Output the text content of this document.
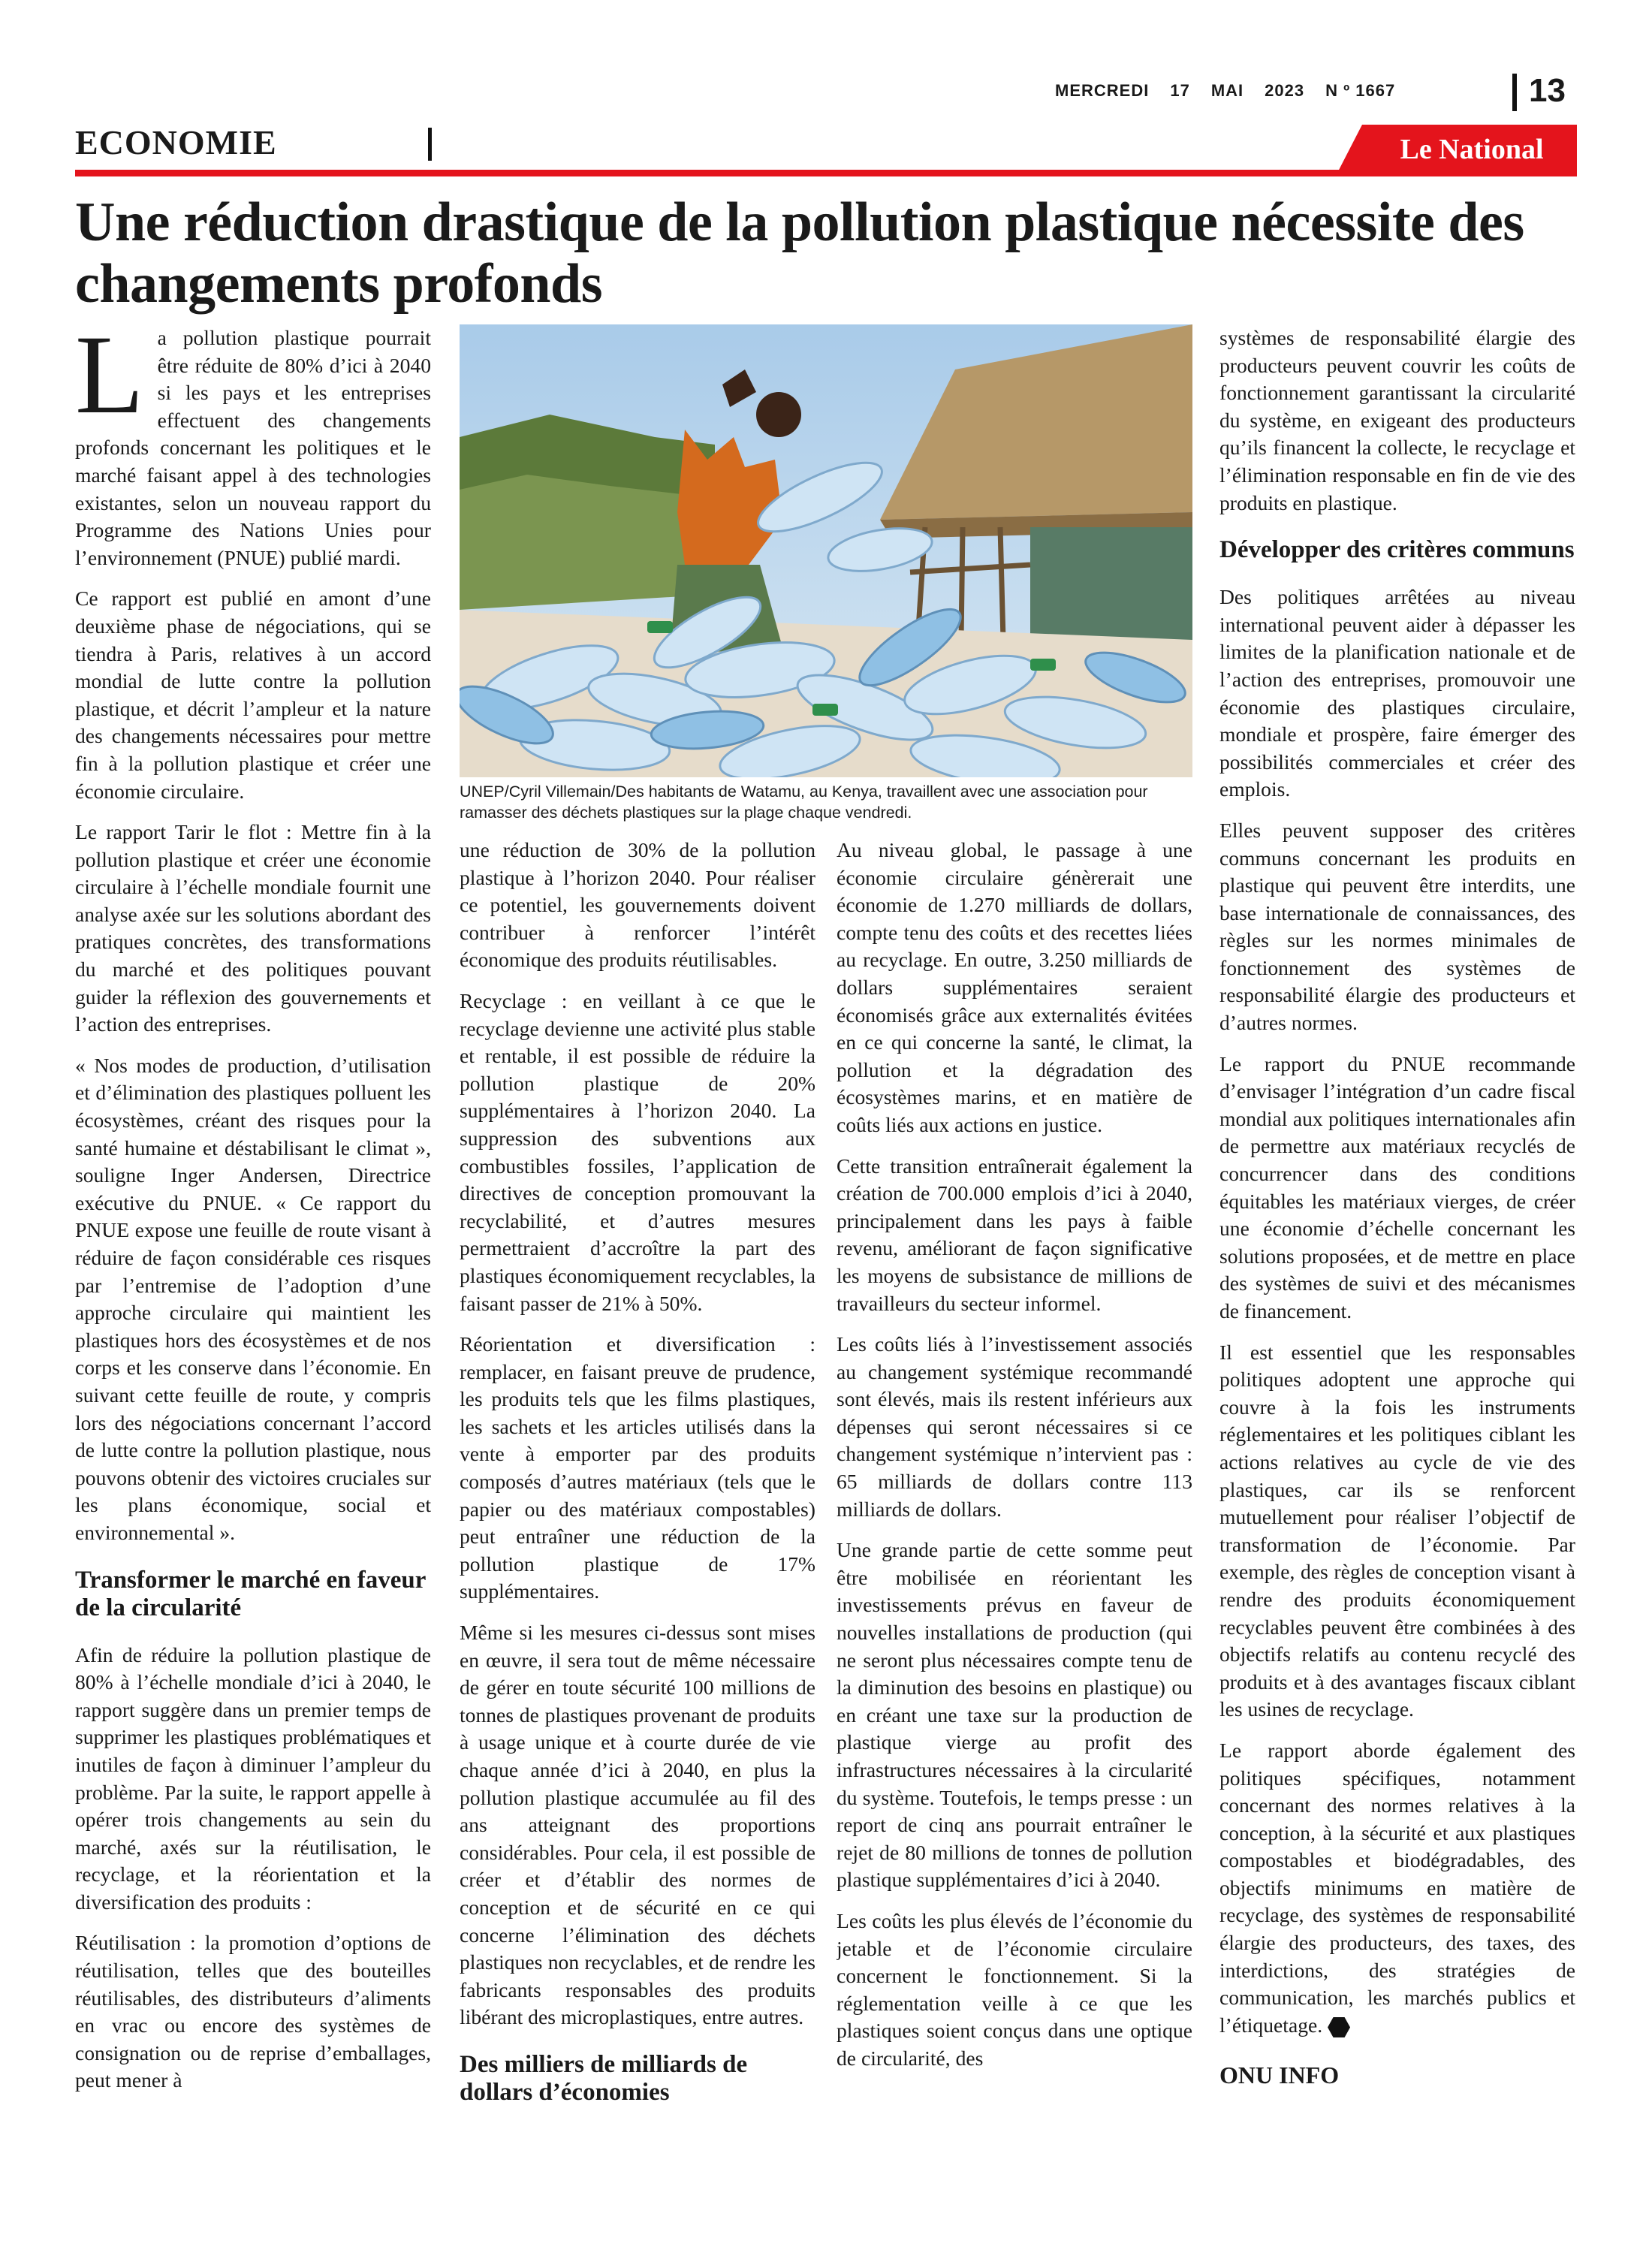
MERCREDI 17 MAI 2023 N º 1667	13
ECONOMIE	Le National
Une réduction drastique de la pollution plastique nécessite des changements profonds

La pollution plastique pourrait être réduite de 80% d’ici à 2040 si les pays et les entreprises effectuent des changements profonds concernant les politiques et le marché faisant appel à des technologies existantes, selon un nouveau rapport du Programme des Nations Unies pour l’environnement (PNUE) publié mardi.

Ce rapport est publié en amont d’une deuxième phase de négociations, qui se tiendra à Paris, relatives à un accord mondial de lutte contre la pollution plastique, et décrit l’ampleur et la nature des changements nécessaires pour mettre fin à la pollution plastique et créer une économie circulaire.

Le rapport Tarir le flot : Mettre fin à la pollution plastique et créer une économie circulaire à l’échelle mondiale fournit une analyse axée sur les solutions abordant des pratiques concrètes, des transformations du marché et des politiques pouvant guider la réflexion des gouvernements et l’action des entreprises.

« Nos modes de production, d’utilisation et d’élimination des plastiques polluent les écosystèmes, créant des risques pour la santé humaine et déstabilisant le climat », souligne Inger Andersen, Directrice exécutive du PNUE. « Ce rapport du PNUE expose une feuille de route visant à réduire de façon considérable ces risques par l’entremise de l’adoption d’une approche circulaire qui maintient les plastiques hors des écosystèmes et de nos corps et les conserve dans l’économie. En suivant cette feuille de route, y compris lors des négociations concernant l’accord de lutte contre la pollution plastique, nous pouvons obtenir des victoires cruciales sur les plans économique, social et environnemental ».

Transformer le marché en faveur de la circularité

Afin de réduire la pollution plastique de 80% à l’échelle mondiale d’ici à 2040, le rapport suggère dans un premier temps de supprimer les plastiques problématiques et inutiles de façon à diminuer l’ampleur du problème. Par la suite, le rapport appelle à opérer trois changements au sein du marché, axés sur la réutilisation, le recyclage, et la réorientation et la diversification des produits :

Réutilisation : la promotion d’options de réutilisation, telles que des bouteilles réutilisables, des distributeurs d’aliments en vrac ou encore des systèmes de consignation ou de reprise d’emballages, peut mener à

UNEP/Cyril Villemain/Des habitants de Watamu, au Kenya, travaillent avec une association pour ramasser des déchets plastiques sur la plage chaque vendredi.

une réduction de 30% de la pollution plastique à l’horizon 2040. Pour réaliser ce potentiel, les gouvernements doivent contribuer à renforcer l’intérêt économique des produits réutilisables.

Recyclage : en veillant à ce que le recyclage devienne une activité plus stable et rentable, il est possible de réduire la pollution plastique de 20% supplémentaires à l’horizon 2040. La suppression des subventions aux combustibles fossiles, l’application de directives de conception promouvant la recyclabilité, et d’autres mesures permettraient d’accroître la part des plastiques économiquement recyclables, la faisant passer de 21% à 50%.

Réorientation et diversification : remplacer, en faisant preuve de prudence, les produits tels que les films plastiques, les sachets et les articles utilisés dans la vente à emporter par des produits composés d’autres matériaux (tels que le papier ou des matériaux compostables) peut entraîner une réduction de la pollution plastique de 17% supplémentaires.

Même si les mesures ci-dessus sont mises en œuvre, il sera tout de même nécessaire de gérer en toute sécurité 100 millions de tonnes de plastiques provenant de produits à usage unique et à courte durée de vie chaque année d’ici à 2040, en plus la pollution plastique accumulée au fil des ans atteignant des proportions considérables. Pour cela, il est possible de créer et d’établir des normes de conception et de sécurité en ce qui concerne l’élimination des déchets plastiques non recyclables, et de rendre les fabricants responsables des produits libérant des microplastiques, entre autres.

Des milliers de milliards de dollars d’économies

Au niveau global, le passage à une économie circulaire génèrerait une économie de 1.270 milliards de dollars, compte tenu des coûts et des recettes liées au recyclage. En outre, 3.250 milliards de dollars supplémentaires seraient économisés grâce aux externalités évitées en ce qui concerne la santé, le climat, la pollution et la dégradation des écosystèmes marins, et en matière de coûts liés aux actions en justice.

Cette transition entraînerait également la création de 700.000 emplois d’ici à 2040, principalement dans les pays à faible revenu, améliorant de façon significative les moyens de subsistance de millions de travailleurs du secteur informel.

Les coûts liés à l’investissement associés au changement systémique recommandé sont élevés, mais ils restent inférieurs aux dépenses qui seront nécessaires si ce changement systémique n’intervient pas : 65 milliards de dollars contre 113 milliards de dollars.

Une grande partie de cette somme peut être mobilisée en réorientant les investissements prévus en faveur de nouvelles installations de production (qui ne seront plus nécessaires compte tenu de la diminution des besoins en plastique) ou en créant une taxe sur la production de plastique vierge au profit des infrastructures nécessaires à la circularité du système. Toutefois, le temps presse : un report de cinq ans pourrait entraîner le rejet de 80 millions de tonnes de pollution plastique supplémentaires d’ici à 2040.

Les coûts les plus élevés de l’économie du jetable et de l’économie circulaire concernent le fonctionnement. Si la réglementation veille à ce que les plastiques soient conçus dans une optique de circularité, des

systèmes de responsabilité élargie des producteurs peuvent couvrir les coûts de fonctionnement garantissant la circularité du système, en exigeant des producteurs qu’ils financent la collecte, le recyclage et l’élimination responsable en fin de vie des produits en plastique.

Développer des critères communs

Des politiques arrêtées au niveau international peuvent aider à dépasser les limites de la planification nationale et de l’action des entreprises, promouvoir une économie des plastiques circulaire, mondiale et prospère, faire émerger des possibilités commerciales et créer des emplois.

Elles peuvent supposer des critères communs concernant les produits en plastique qui peuvent être interdits, une base internationale de connaissances, des règles sur les normes minimales de fonctionnement des systèmes de responsabilité élargie des producteurs et d’autres normes.

Le rapport du PNUE recommande d’envisager l’intégration d’un cadre fiscal mondial aux politiques internationales afin de permettre aux matériaux recyclés de concurrencer dans des conditions équitables les matériaux vierges, de créer une économie d’échelle concernant les solutions proposées, et de mettre en place des systèmes de suivi et des mécanismes de financement.

Il est essentiel que les responsables politiques adoptent une approche qui couvre à la fois les instruments réglementaires et les politiques ciblant les actions relatives au cycle de vie des plastiques, car ils se renforcent mutuellement pour réaliser l’objectif de transformation de l’économie. Par exemple, des règles de conception visant à rendre des produits économiquement recyclables peuvent être combinées à des objectifs relatifs au contenu recyclé des produits et à des avantages fiscaux ciblant les usines de recyclage.

Le rapport aborde également des politiques spécifiques, notamment concernant des normes relatives à la conception, à la sécurité et aux plastiques compostables et biodégradables, des objectifs minimums en matière de recyclage, des systèmes de responsabilité élargie des producteurs, des taxes, des interdictions, des stratégies de communication, les marchés publics et l’étiquetage.

ONU INFO
